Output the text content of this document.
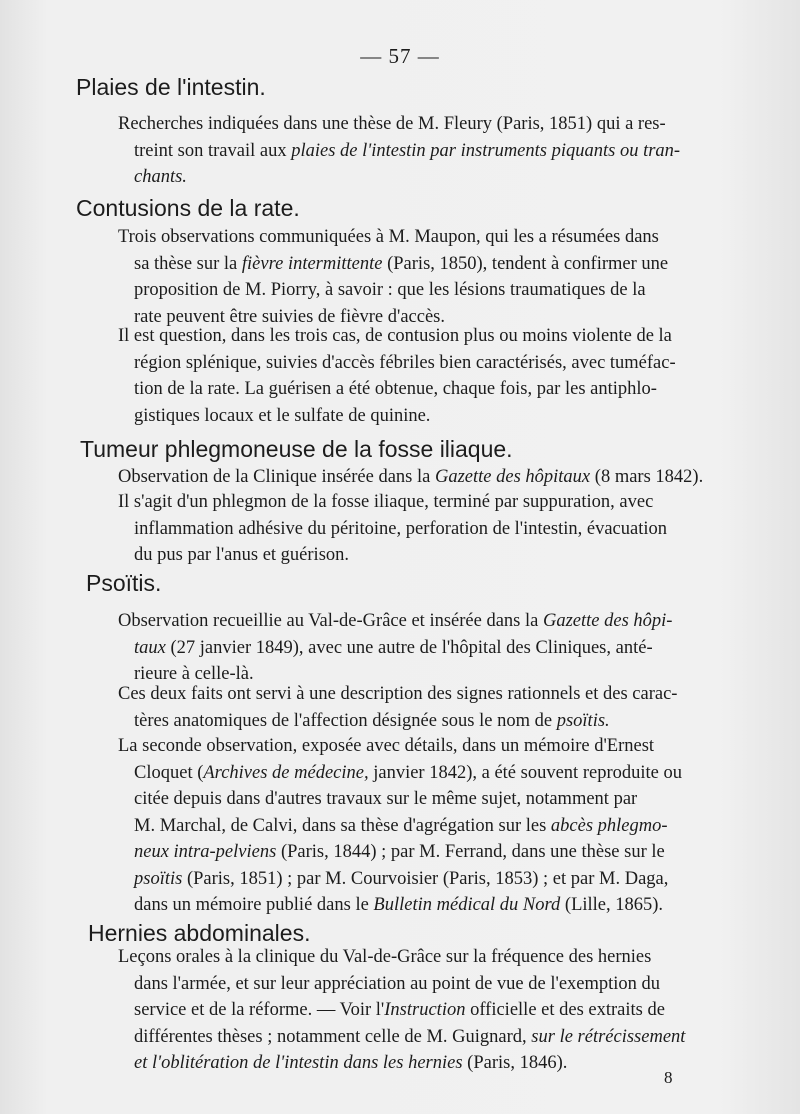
— 57 —
Plaies de l'intestin.
Recherches indiquées dans une thèse de M. Fleury (Paris, 1851) qui a res-
treint son travail aux plaies de l'intestin par instruments piquants ou tran-
chants.
Contusions de la rate.
Trois observations communiquées à M. Maupon, qui les a résumées dans
sa thèse sur la fièvre intermittente (Paris, 1850), tendent à confirmer une
proposition de M. Piorry, à savoir : que les lésions traumatiques de la
rate peuvent être suivies de fièvre d'accès.
Il est question, dans les trois cas, de contusion plus ou moins violente de la
région splénique, suivies d'accès fébriles bien caractérisés, avec tuméfac-
tion de la rate. La guérisen a été obtenue, chaque fois, par les antiphlo-
gistiques locaux et le sulfate de quinine.
Tumeur phlegmoneuse de la fosse iliaque.
Observation de la Clinique insérée dans la Gazette des hôpitaux (8 mars 1842).
Il s'agit d'un phlegmon de la fosse iliaque, terminé par suppuration, avec
inflammation adhésive du péritoine, perforation de l'intestin, évacuation
du pus par l'anus et guérison.
Psoïtis.
Observation recueillie au Val-de-Grâce et insérée dans la Gazette des hôpi-
taux (27 janvier 1849), avec une autre de l'hôpital des Cliniques, anté-
rieure à celle-là.
Ces deux faits ont servi à une description des signes rationnels et des carac-
tères anatomiques de l'affection désignée sous le nom de psoïtis.
La seconde observation, exposée avec détails, dans un mémoire d'Ernest
Cloquet (Archives de médecine, janvier 1842), a été souvent reproduite ou
citée depuis dans d'autres travaux sur le même sujet, notamment par
M. Marchal, de Calvi, dans sa thèse d'agrégation sur les abcès phlegmo-
neux intra-pelviens (Paris, 1844) ; par M. Ferrand, dans une thèse sur le
psoïtis (Paris, 1851) ; par M. Courvoisier (Paris, 1853) ; et par M. Daga,
dans un mémoire publié dans le Bulletin médical du Nord (Lille, 1865).
Hernies abdominales.
Leçons orales à la clinique du Val-de-Grâce sur la fréquence des hernies
dans l'armée, et sur leur appréciation au point de vue de l'exemption du
service et de la réforme. — Voir l'Instruction officielle et des extraits de
différentes thèses ; notamment celle de M. Guignard, sur le rétrécissement
et l'oblitération de l'intestin dans les hernies (Paris, 1846).
8
